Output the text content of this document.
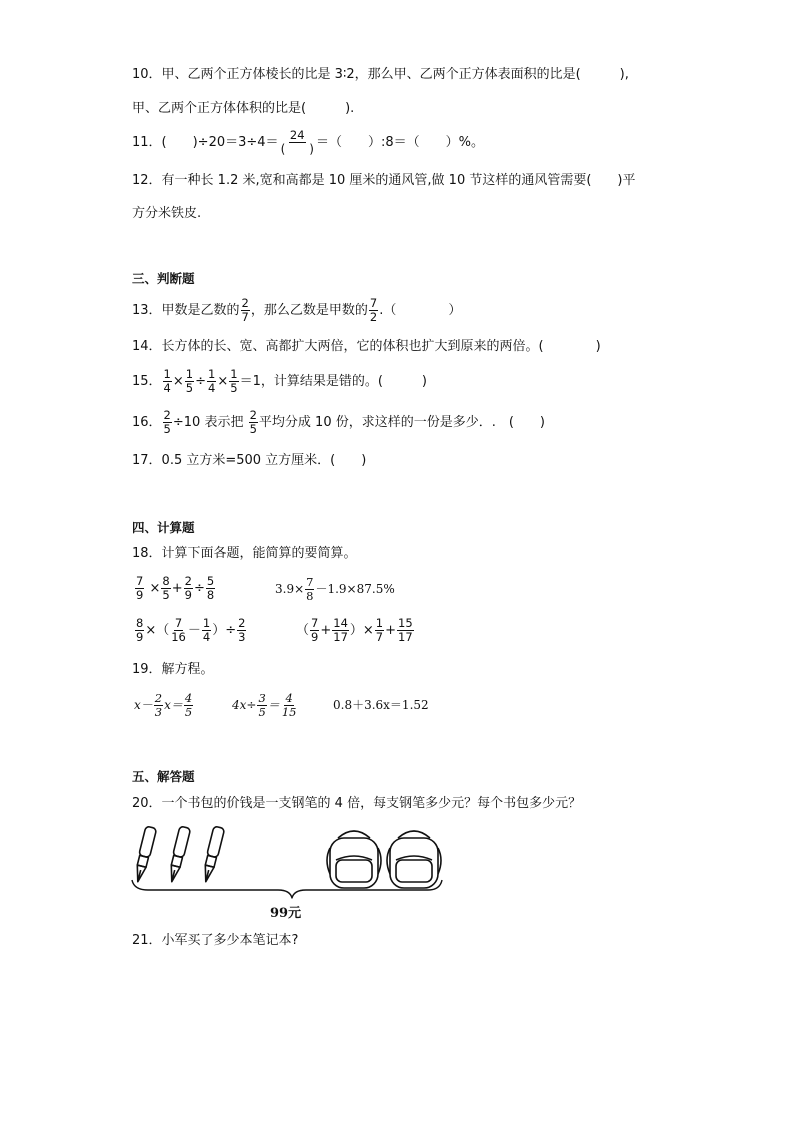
10．甲、乙两个正方体棱长的比是 3∶2，那么甲、乙两个正方体表面积的比是(　　　),
甲、乙两个正方体体积的比是(　　　).
11．(　　)$\div 20=3\div 4= \frac{24}{( )}$ ＝（　　）:8＝（　　）%。
12．有一种长 1.2 米,宽和高都是 10 厘米的通风管,做 10 节这样的通风管需要(　　)平
方分米铁皮.
三、判断题
13．甲数是乙数的 $\frac{2}{7}$ ，那么乙数是甲数的 $\frac{7}{2}$ .（　　　　）
14．长方体的长、宽、高都扩大两倍，它的体积也扩大到原来的两倍。(　　　　)
15． $\frac{1}{4} \times \frac{1}{5} \div \frac{1}{4} \times \frac{1}{5} =1$，计算结果是错的。(　　　)
16． $\frac{2}{5} \div 10$ 表示把 $\frac{2}{5}$ 平均分成 10 份，求这样的一份是多少．.　(　　)
17．0.5 立方米=500 立方厘米．(　　)
四、计算题
18．计算下面各题，能简算的要简算。
$\frac{7}{9} \times \frac{8}{5} + \frac{2}{9} \div \frac{5}{8}$	$3.9\times \frac{7}{8} -1.9\times 87.5\%$
$\frac{8}{9}$ ×（ $\frac{7}{16} - \frac{1}{4}$ ）÷ $\frac{2}{3}$	（ $\frac{7}{9} + \frac{14}{17}$ ）× $\frac{1}{7} + \frac{15}{17}$
19．解方程。
$x- \frac{2}{3} x= \frac{4}{5}$	$4x\div \frac{3}{5} = \frac{4}{15}$	0.8＋3.6x＝1.52
五、解答题
20．一个书包的价钱是一支钢笔的 4 倍，每支钢笔多少元？每个书包多少元？
99元
21．小军买了多少本笔记本?
